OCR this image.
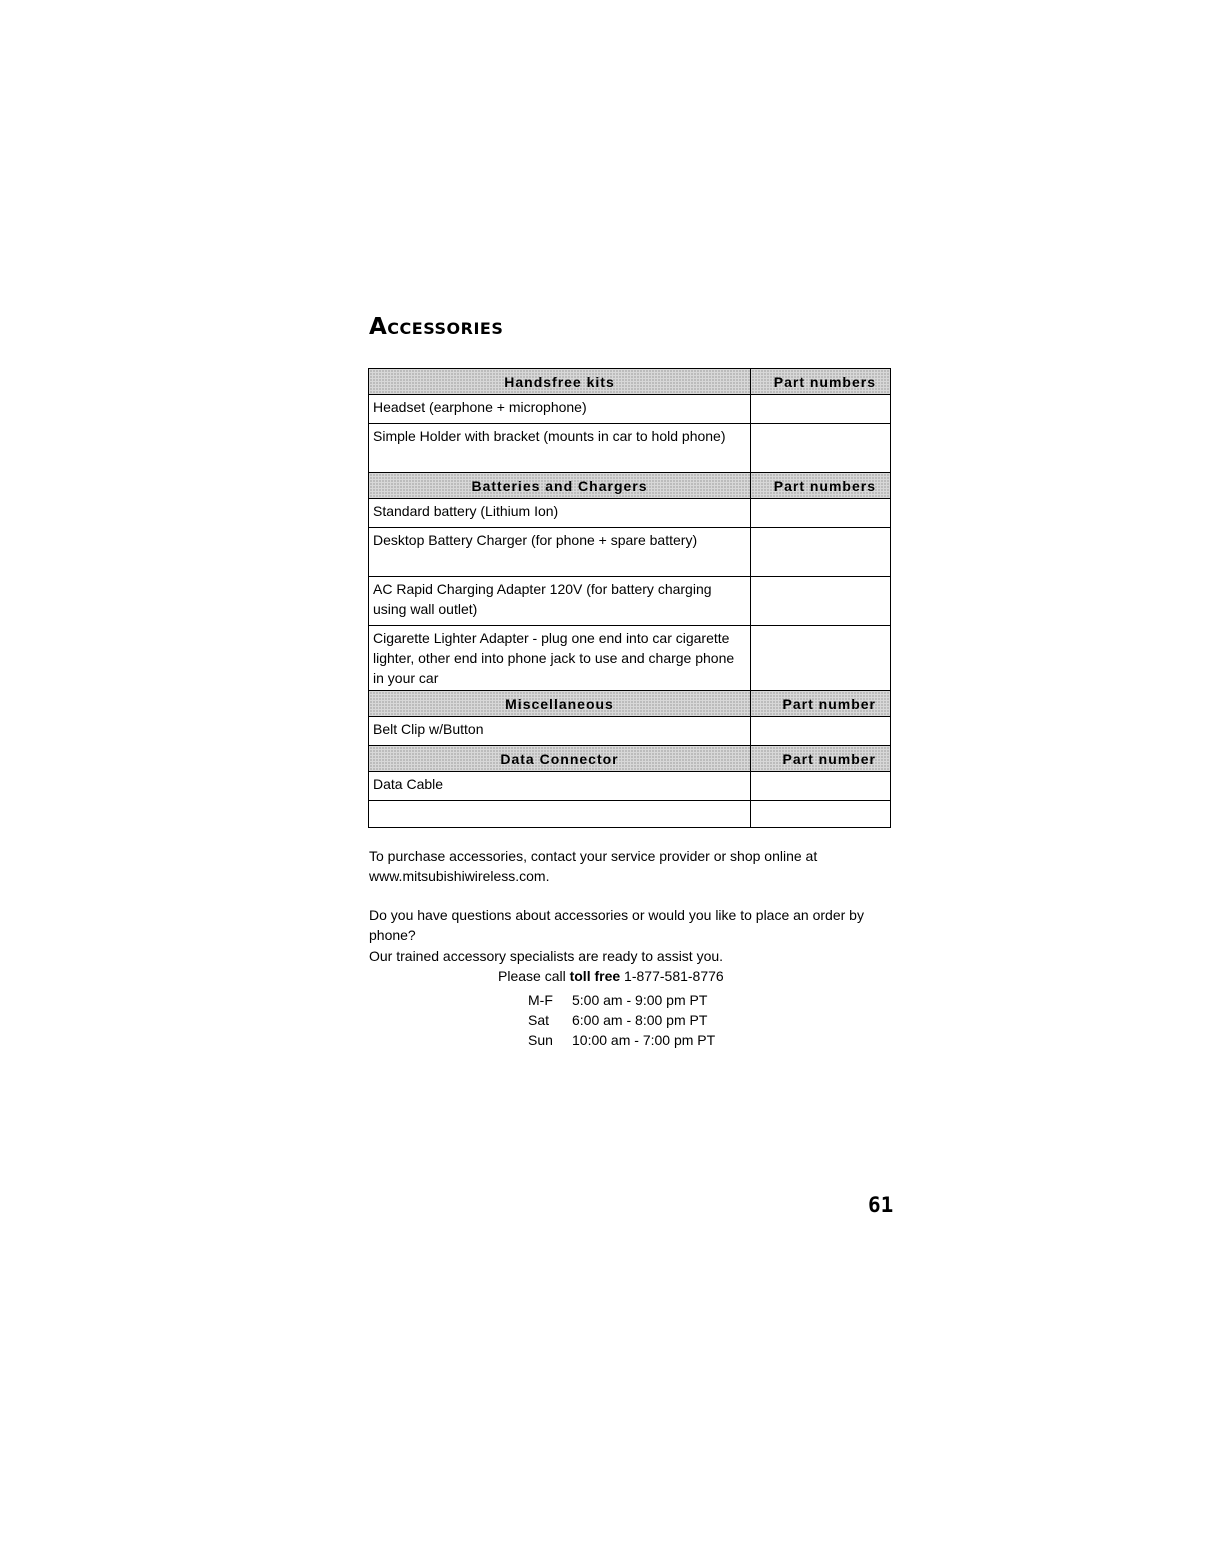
Accessories
Handsfree kits	Part numbers
Headset (earphone + microphone)	
Simple Holder with bracket (mounts in car to hold phone)	
Batteries and Chargers	Part numbers
Standard battery (Lithium Ion)	
Desktop Battery Charger (for phone + spare battery)	
AC Rapid Charging Adapter 120V (for battery charging using wall outlet)	
Cigarette Lighter Adapter - plug one end into car cigarette lighter, other end into phone jack to use and charge phone in your car	
Miscellaneous	Part number
Belt Clip w/Button	
Data Connector	Part number
Data Cable	

To purchase accessories, contact your service provider or shop online at www.mitsubishiwireless.com.
Do you have questions about accessories or would you like to place an order by phone?
Our trained accessory specialists are ready to assist you.
Please call toll free 1-877-581-8776
M-F	5:00 am - 9:00 pm PT
Sat	6:00 am - 8:00 pm PT
Sun	10:00 am - 7:00 pm PT
61
